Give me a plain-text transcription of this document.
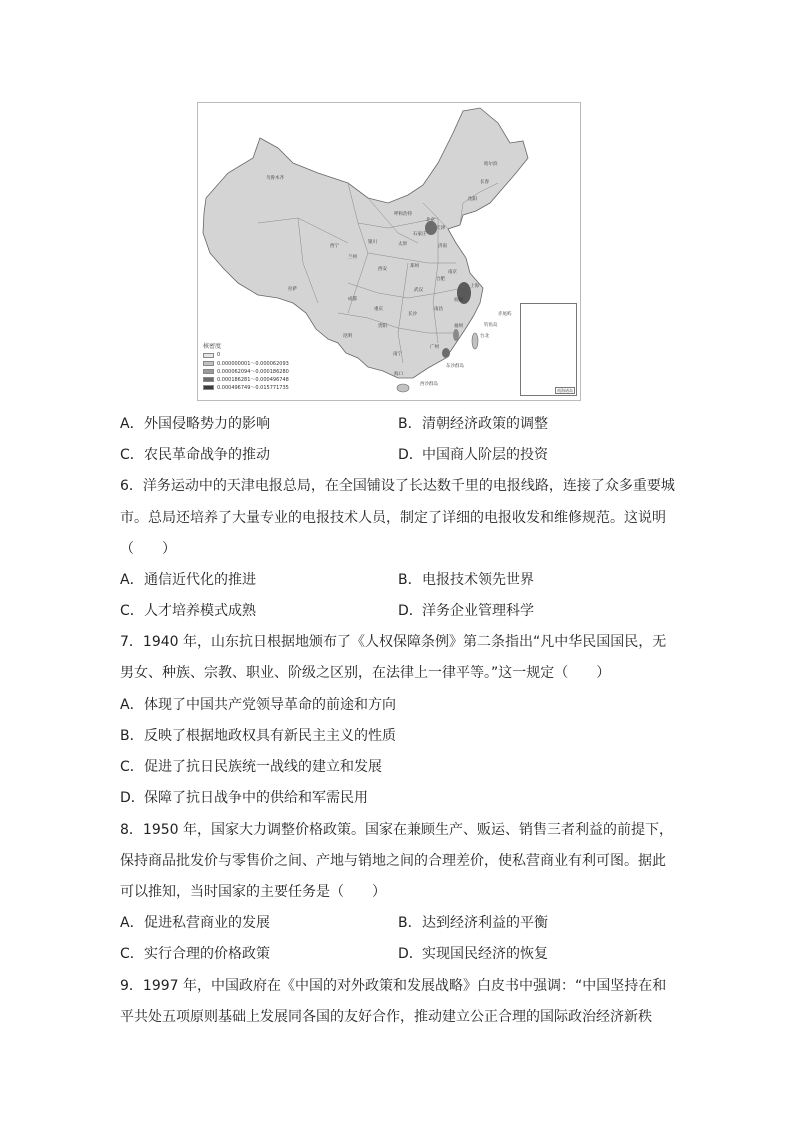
乌鲁木齐
哈尔滨
长春
沈阳
呼和浩特
北京
天津
石家庄
太原	济南
西宁
兰州
银川
西安
郑州
合肥
南京
上海
武汉
杭州
成都
重庆
拉萨
长沙
南昌
福州
贵阳
昆明
广州
南宁
台北
钓鱼岛
赤尾屿
东沙群岛
西沙群岛
海口
核密度
0
0.000000001～0.000062093
0.000062094～0.000186280
0.000186281～0.000496748
0.000496749～0.015771735	南海诸岛
A．外国侵略势力的影响	B．清朝经济政策的调整
C．农民革命战争的推动	D．中国商人阶层的投资
6．洋务运动中的天津电报总局，在全国铺设了长达数千里的电报线路，连接了众多重要城
市。总局还培养了大量专业的电报技术人员，制定了详细的电报收发和维修规范。这说明
（　　）
A．通信近代化的推进	B．电报技术领先世界
C．人才培养模式成熟	D．洋务企业管理科学
7．1940 年，山东抗日根据地颁布了《人权保障条例》第二条指出“凡中华民国国民，无
男女、种族、宗教、职业、阶级之区别，在法律上一律平等。”这一规定（　　）
A．体现了中国共产党领导革命的前途和方向
B．反映了根据地政权具有新民主主义的性质
C．促进了抗日民族统一战线的建立和发展
D．保障了抗日战争中的供给和军需民用
8．1950 年，国家大力调整价格政策。国家在兼顾生产、贩运、销售三者利益的前提下，
保持商品批发价与零售价之间、产地与销地之间的合理差价，使私营商业有利可图。据此
可以推知，当时国家的主要任务是（　　）
A．促进私营商业的发展	B．达到经济利益的平衡
C．实行合理的价格政策	D．实现国民经济的恢复
9．1997 年，中国政府在《中国的对外政策和发展战略》白皮书中强调：“中国坚持在和
平共处五项原则基础上发展同各国的友好合作，推动建立公正合理的国际政治经济新秩
